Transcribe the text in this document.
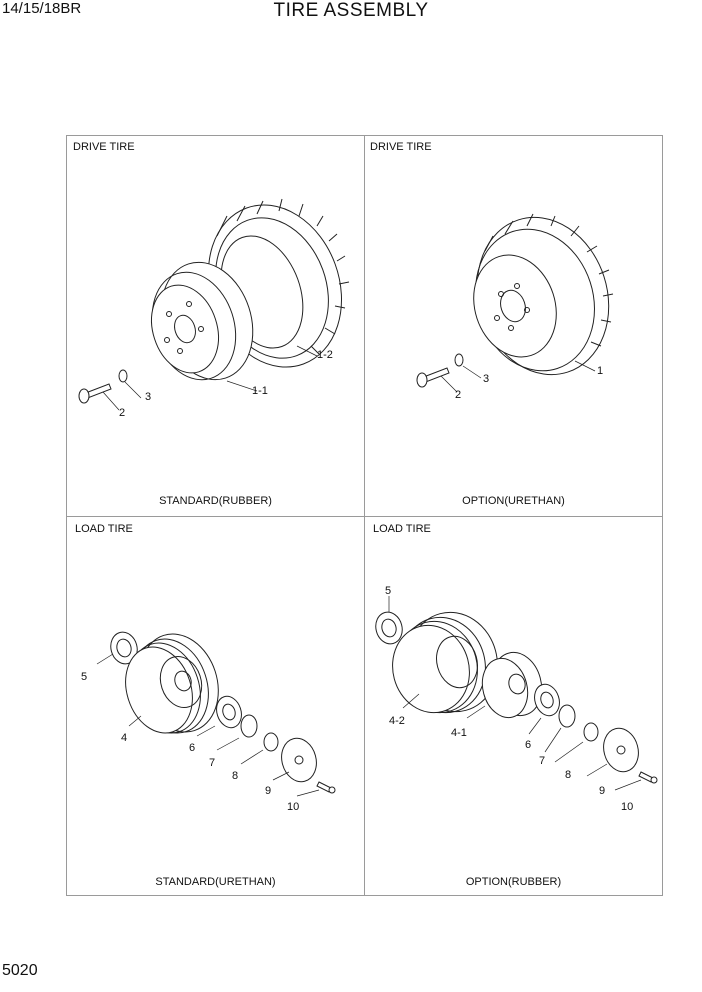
14/15/18BR	TIRE ASSEMBLY
DRIVE TIRE
1-2
1-1
3
2
STANDARD(RUBBER)
DRIVE TIRE
1
3
2
OPTION(URETHAN)
LOAD TIRE
5
4
6
7
8
9
10
STANDARD(URETHAN)
LOAD TIRE
5
4-2
4-1
6
7
8
9
10
OPTION(RUBBER)
5020
